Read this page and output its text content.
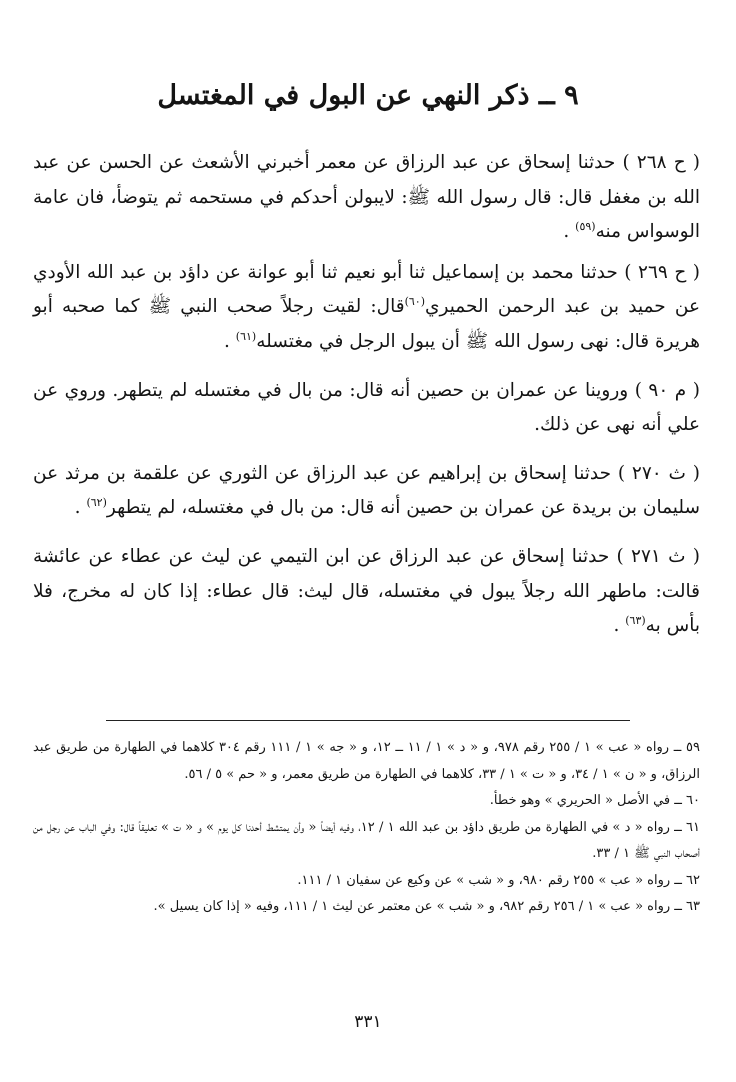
٩ ــ ذكر النهي عن البول في المغتسل

( ح ٢٦٨ ) حدثنا إسحاق عن عبد الرزاق عن معمر أخبرني الأشعث عن الحسن عن عبد الله بن مغفل قال: قال رسول الله ﷺ: لايبولن أحدكم في مستحمه ثم يتوضأ، فان عامة الوسواس منه$^{(٥٩)}$ .

( ح ٢٦٩ ) حدثنا محمد بن إسماعيل ثنا أبو نعيم ثنا أبو عوانة عن داؤد بن عبد الله الأودي عن حميد بن عبد الرحمن الحميري$^{(٦٠)}$قال: لقيت رجلاً صحب النبي ﷺ كما صحبه أبو هريرة قال: نهى رسول الله ﷺ أن يبول الرجل في مغتسله$^{(٦١)}$ .

( م ٩٠ ) وروينا عن عمران بن حصين أنه قال: من بال في مغتسله لم يتطهر. وروي عن علي أنه نهى عن ذلك.

( ث ٢٧٠ ) حدثنا إسحاق بن إبراهيم عن عبد الرزاق عن الثوري عن علقمة بن مرثد عن سليمان بن بريدة عن عمران بن حصين أنه قال: من بال في مغتسله، لم يتطهر$^{(٦٢)}$ .

( ث ٢٧١ ) حدثنا إسحاق عن عبد الرزاق عن ابن التيمي عن ليث عن عطاء عن عائشة قالت: ماطهر الله رجلاً يبول في مغتسله، قال ليث: قال عطاء: إذا كان له مخرج، فلا بأس به$^{(٦٣)}$ .

٥٩ ــ رواه « عب » ١ / ٢٥٥ رقم ٩٧٨، و « د » ١ / ١١ ــ ١٢، و « جه » ١ / ١١١ رقم ٣٠٤ كلاهما في الطهارة من طريق عبد الرزاق، و « ن » ١ / ٣٤، و « ت » ١ / ٣٣، كلاهما في الطهارة من طريق معمر، و « حم » ٥ / ٥٦.

٦٠ ــ في الأصل « الحريري » وهو خطأ.

٦١ ــ رواه « د » في الطهارة من طريق داؤد بن عبد الله ١ / ١٢، وفيه أيضاً « وأن يمتشط أحدنا كل يوم » و « ت » تعليقاً قال: وفي الباب عن رجل من أصحاب النبي ﷺ ١ / ٣٣.

٦٢ ــ رواه « عب » ٢٥٥ رقم ٩٨٠، و « شب » عن وكيع عن سفيان ١ / ١١١.

٦٣ ــ رواه « عب » ١ / ٢٥٦ رقم ٩٨٢، و « شب » عن معتمر عن ليث ١ / ١١١، وفيه « إذا كان يسيل ».

٣٣١
